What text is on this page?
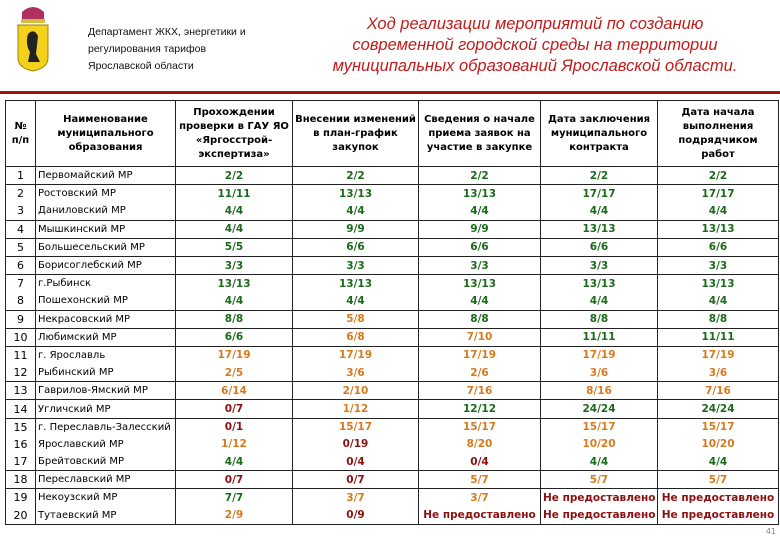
Департамент ЖКХ, энергетики и
регулирования тарифов
Ярославской области
Ход реализации мероприятий по созданию
современной городской среды на территории
муниципальных образований Ярославской области.
№ п/п	Наименование муниципального образования	Прохождении проверки в ГАУ ЯО «Яргосстрой-экспертиза»	Внесении изменений в план-график закупок	Сведения о начале приема заявок на участие в закупке	Дата заключения муниципального контракта	Дата начала выполнения подрядчиком работ
1	Первомайский МР	2/2	2/2	2/2	2/2	2/2
2	Ростовский МР	11/11	13/13	13/13	17/17	17/17
3	Даниловский МР	4/4	4/4	4/4	4/4	4/4
4	Мышкинский МР	4/4	9/9	9/9	13/13	13/13
5	Большесельский МР	5/5	6/6	6/6	6/6	6/6
6	Борисоглебский МР	3/3	3/3	3/3	3/3	3/3
7	г.Рыбинск	13/13	13/13	13/13	13/13	13/13
8	Пошехонский МР	4/4	4/4	4/4	4/4	4/4
9	Некрасовский МР	8/8	5/8	8/8	8/8	8/8
10	Любимский МР	6/6	6/8	7/10	11/11	11/11
11	г. Ярославль	17/19	17/19	17/19	17/19	17/19
12	Рыбинский МР	2/5	3/6	2/6	3/6	3/6
13	Гаврилов-Ямский МР	6/14	2/10	7/16	8/16	7/16
14	Угличский МР	0/7	1/12	12/12	24/24	24/24
15	г. Переславль-Залесский	0/1	15/17	15/17	15/17	15/17
16	Ярославский МР	1/12	0/19	8/20	10/20	10/20
17	Брейтовский МР	4/4	0/4	0/4	4/4	4/4
18	Переславский МР	0/7	0/7	5/7	5/7	5/7
19	Некоузский МР	7/7	3/7	3/7	Не предоставлено	Не предоставлено
20	Тутаевский МР	2/9	0/9	Не предоставлено	Не предоставлено	Не предоставлено
41
